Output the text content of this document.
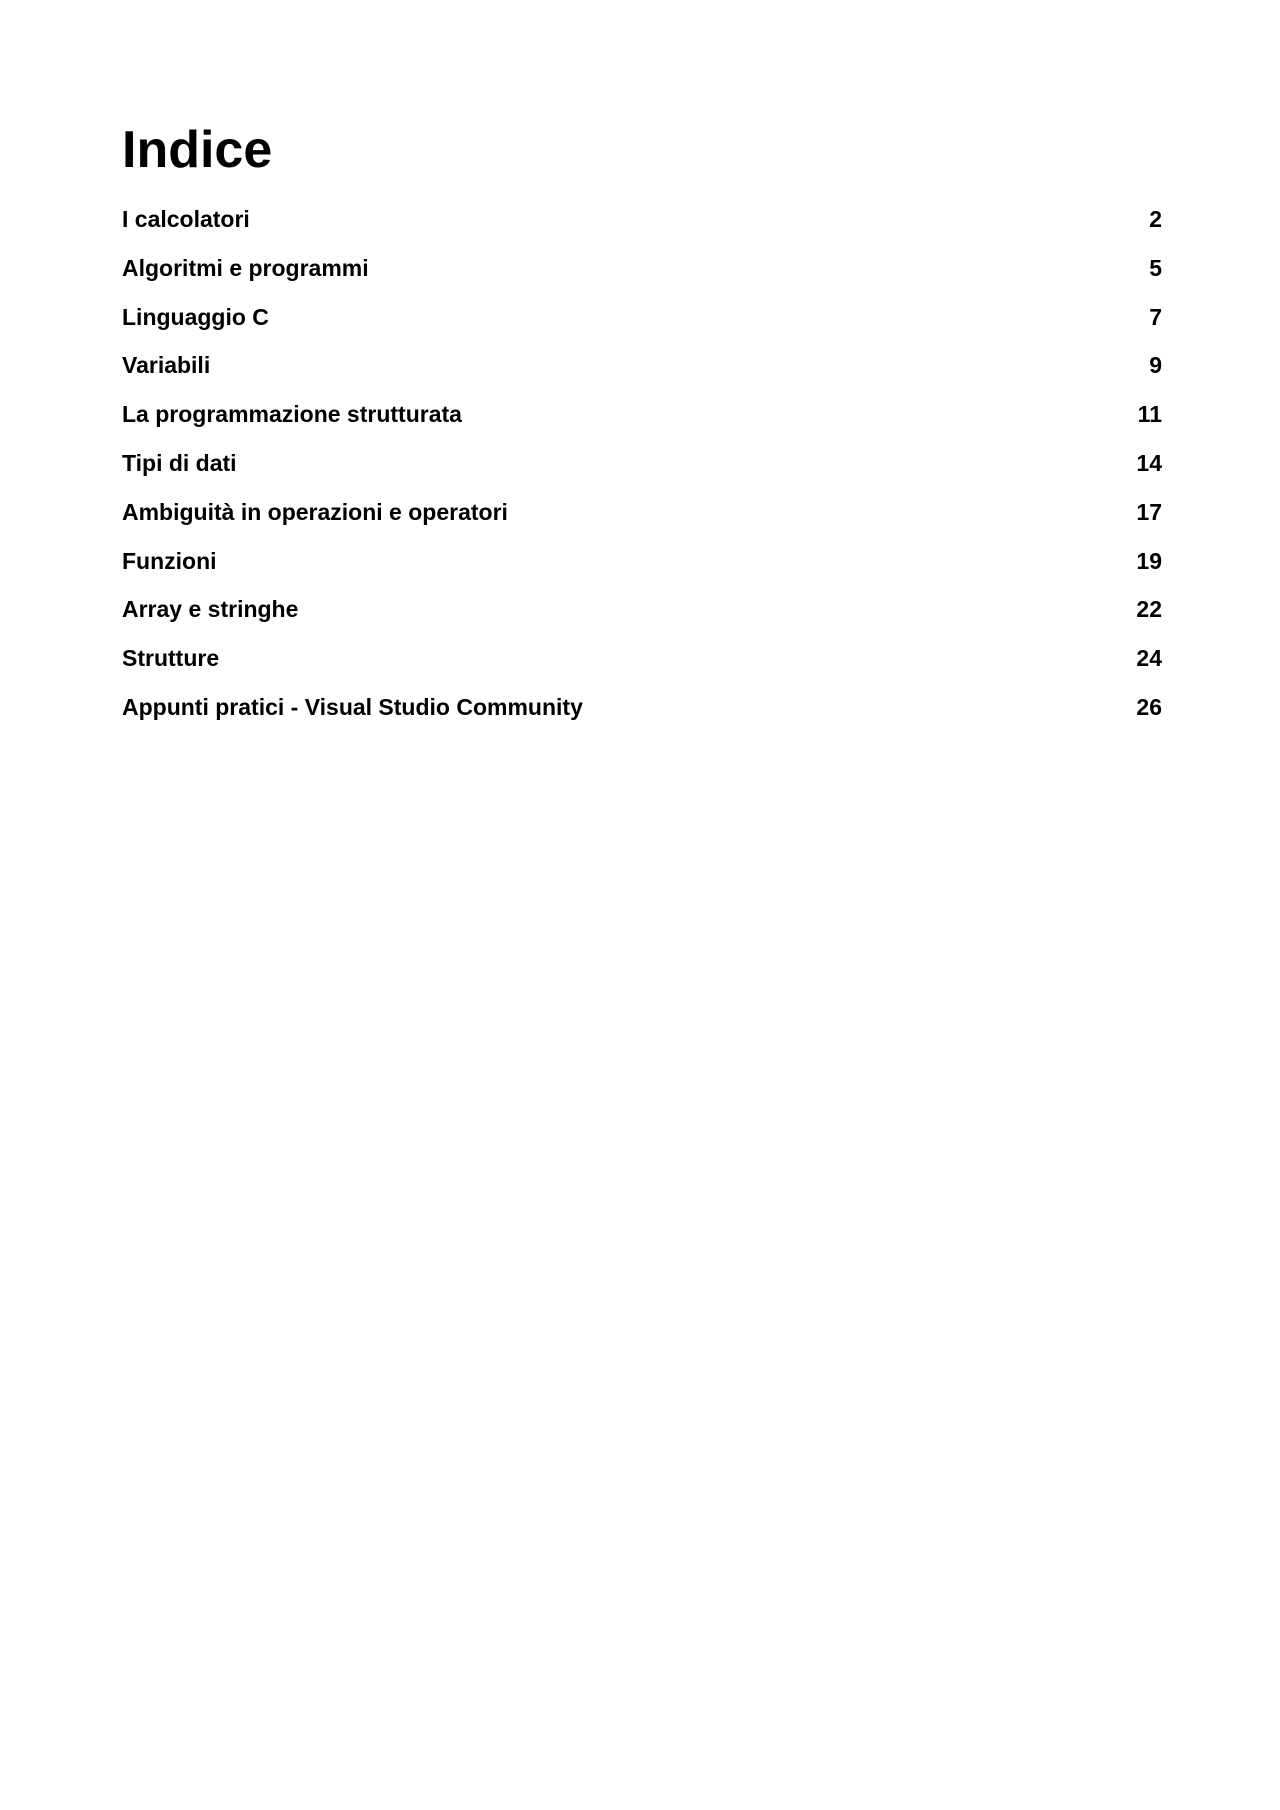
Indice
I calcolatori	2
Algoritmi e programmi	5
Linguaggio C	7
Variabili	9
La programmazione strutturata	11
Tipi di dati	14
Ambiguità in operazioni e operatori	17
Funzioni	19
Array e stringhe	22
Strutture	24
Appunti pratici - Visual Studio Community	26
